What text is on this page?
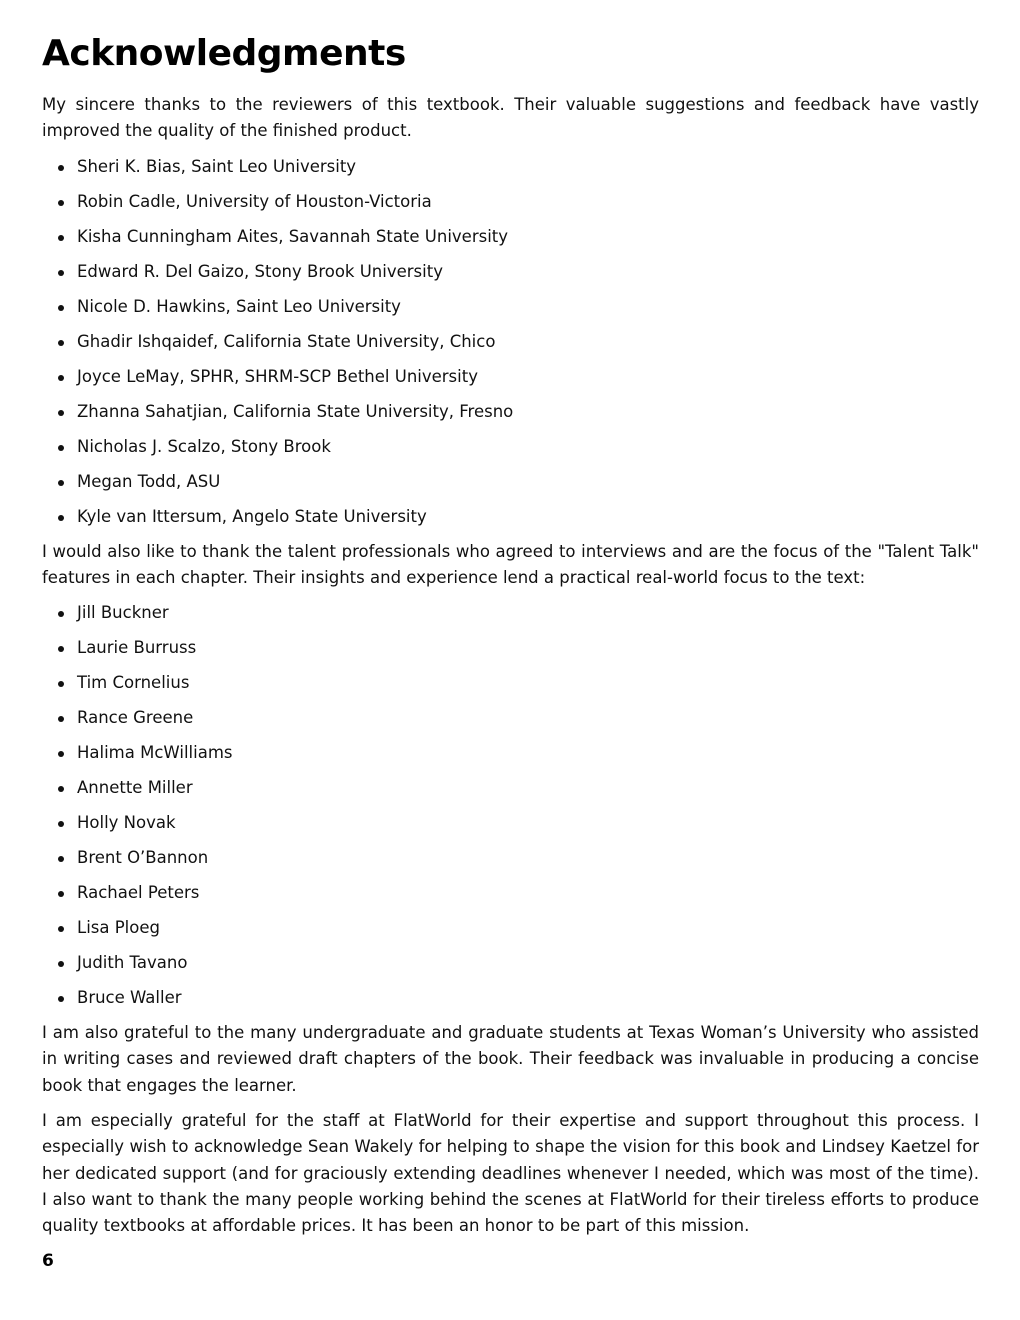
Acknowledgments

My sincere thanks to the reviewers of this textbook. Their valuable suggestions and feedback have vastly improved the quality of the finished product.

Sheri K. Bias, Saint Leo University
Robin Cadle, University of Houston-Victoria
Kisha Cunningham Aites, Savannah State University
Edward R. Del Gaizo, Stony Brook University
Nicole D. Hawkins, Saint Leo University
Ghadir Ishqaidef, California State University, Chico
Joyce LeMay, SPHR, SHRM-SCP Bethel University
Zhanna Sahatjian, California State University, Fresno
Nicholas J. Scalzo, Stony Brook
Megan Todd, ASU
Kyle van Ittersum, Angelo State University

I would also like to thank the talent professionals who agreed to interviews and are the focus of the "Talent Talk" features in each chapter. Their insights and experience lend a practical real-world focus to the text:

Jill Buckner
Laurie Burruss
Tim Cornelius
Rance Greene
Halima McWilliams
Annette Miller
Holly Novak
Brent O’Bannon
Rachael Peters
Lisa Ploeg
Judith Tavano
Bruce Waller

I am also grateful to the many undergraduate and graduate students at Texas Woman’s University who assisted in writing cases and reviewed draft chapters of the book. Their feedback was invaluable in producing a concise book that engages the learner.

I am especially grateful for the staff at FlatWorld for their expertise and support throughout this process. I especially wish to acknowledge Sean Wakely for helping to shape the vision for this book and Lindsey Kaetzel for her dedicated support (and for graciously extending deadlines whenever I needed, which was most of the time). I also want to thank the many people working behind the scenes at FlatWorld for their tireless efforts to produce quality textbooks at affordable prices. It has been an honor to be part of this mission.

6
